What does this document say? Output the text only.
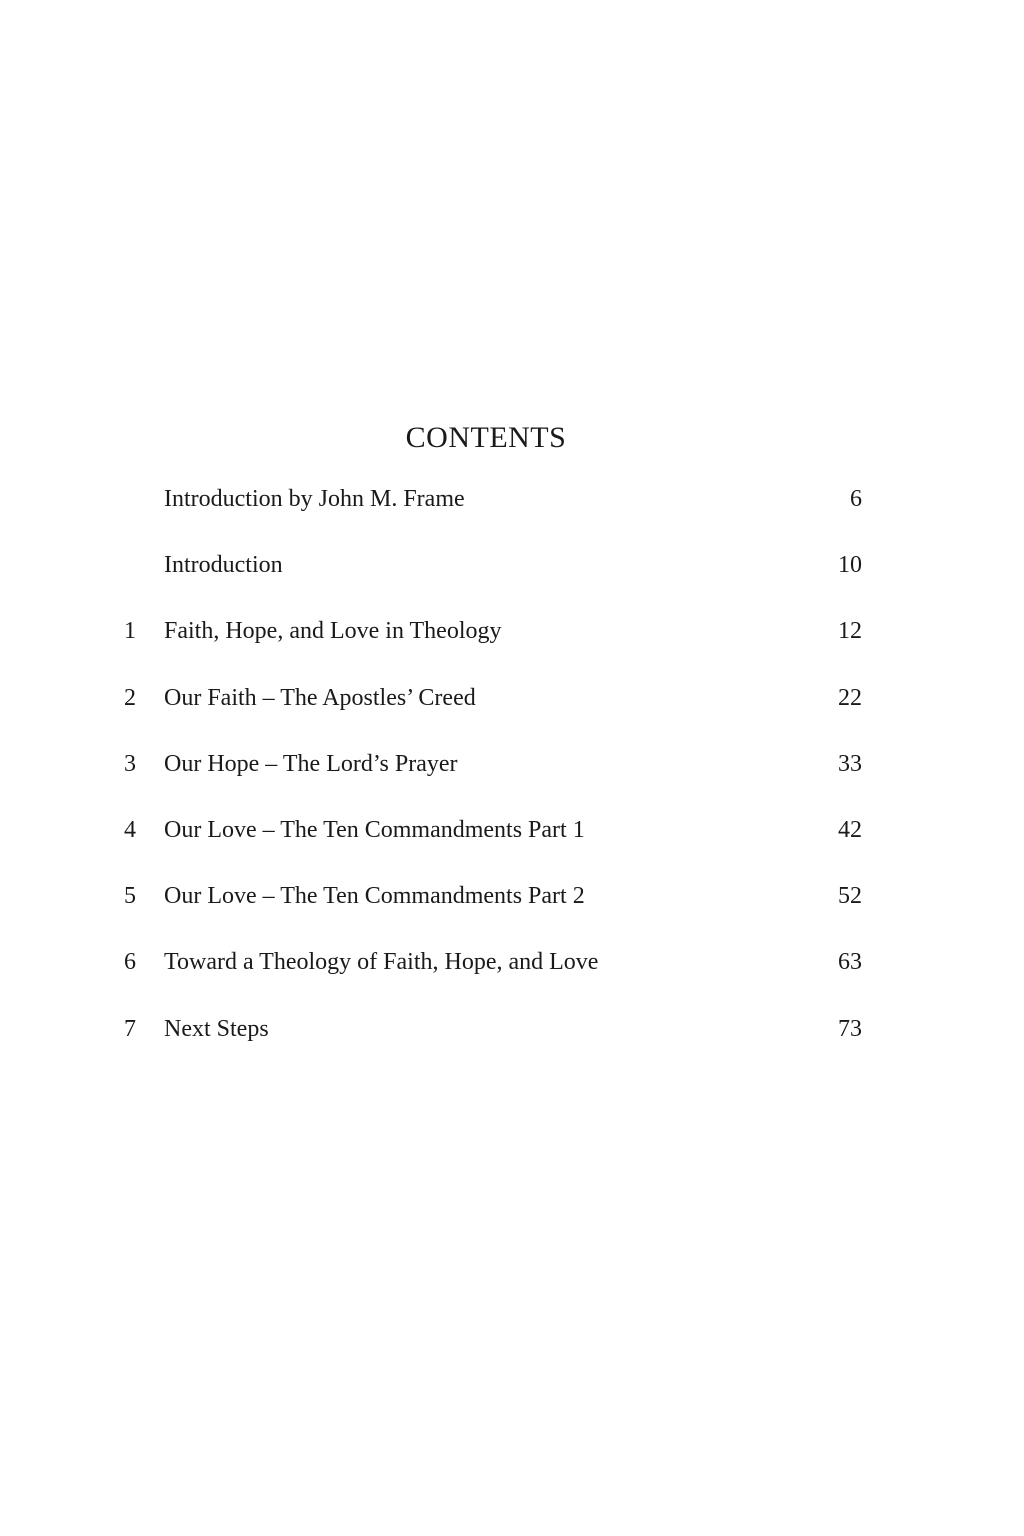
CONTENTS
Introduction by John M. Frame	6
Introduction	10
1	Faith, Hope, and Love in Theology	12
2	Our Faith – The Apostles’ Creed	22
3	Our Hope – The Lord’s Prayer	33
4	Our Love – The Ten Commandments Part 1	42
5	Our Love – The Ten Commandments Part 2	52
6	Toward a Theology of Faith, Hope, and Love	63
7	Next Steps	73
